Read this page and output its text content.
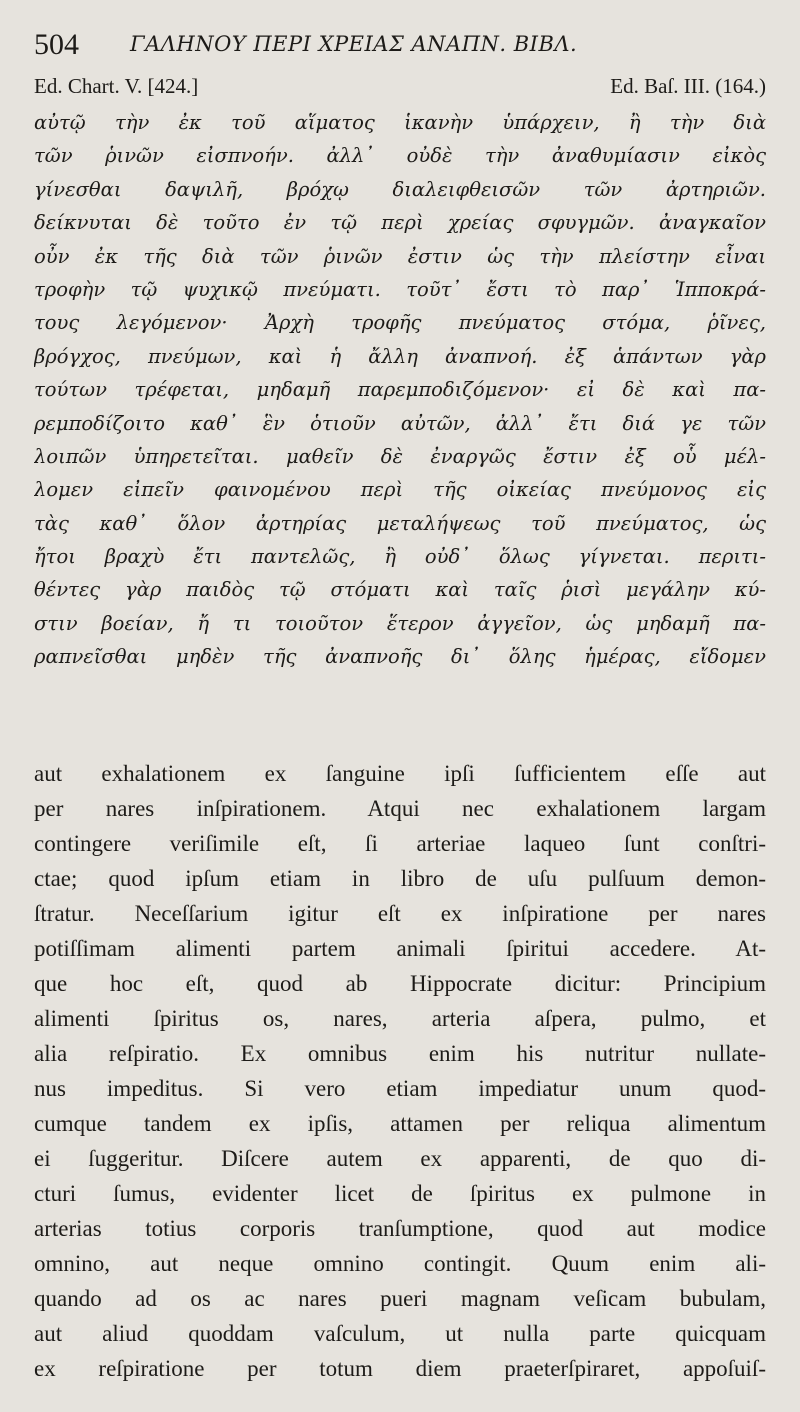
504 ΓΑΛΗΝΟΥ ΠΕΡΙ ΧΡΕΙΑΣ ΑΝΑΠΝ. ΒΙΒΛ.
Ed. Chart. V. [424.]	Ed. Baſ. III. (164.)
αὐτῷ τὴν ἐκ τοῦ αἵματος ἱκανὴν ὑπάρχειν, ἢ τὴν διὰ
τῶν ῥινῶν εἰσπνοήν. ἀλλ᾽ οὐδὲ τὴν ἀναθυμίασιν εἰκὸς
γίνεσθαι δαψιλῆ, βρόχῳ διαλειφθεισῶν τῶν ἀρτηριῶν.
δείκνυται δὲ τοῦτο ἐν τῷ περὶ χρείας σφυγμῶν. ἀναγκαῖον
οὖν ἐκ τῆς διὰ τῶν ῥινῶν ἐστιν ὡς τὴν πλείστην εἶναι
τροφὴν τῷ ψυχικῷ πνεύματι. τοῦτ᾽ ἔστι τὸ παρ᾽ Ἱπποκρά-
τους λεγόμενον· Ἀρχὴ τροφῆς πνεύματος στόμα, ῥῖνες,
βρόγχος, πνεύμων, καὶ ἡ ἄλλη ἀναπνοή. ἐξ ἁπάντων γὰρ
τούτων τρέφεται, μηδαμῆ παρεμποδιζόμενον· εἰ δὲ καὶ πα-
ρεμποδίζοιτο καθ᾽ ἓν ὁτιοῦν αὐτῶν, ἀλλ᾽ ἔτι διά γε τῶν
λοιπῶν ὑπηρετεῖται. μαθεῖν δὲ ἐναργῶς ἔστιν ἐξ οὗ μέλ-
λομεν εἰπεῖν φαινομένου περὶ τῆς οἰκείας πνεύμονος εἰς
τὰς καθ᾽ ὅλον ἀρτηρίας μεταλήψεως τοῦ πνεύματος, ὡς
ἤτοι βραχὺ ἔτι παντελῶς, ἢ οὐδ᾽ ὅλως γίγνεται. περιτι-
θέντες γὰρ παιδὸς τῷ στόματι καὶ ταῖς ῥισὶ μεγάλην κύ-
στιν βοείαν, ἤ τι τοιοῦτον ἕτερον ἀγγεῖον, ὡς μηδαμῆ πα-
ραπνεῖσθαι μηδὲν τῆς ἀναπνοῆς δι᾽ ὅλης ἡμέρας, εἴδομεν
aut exhalationem ex ſanguine ipſi ſufficientem eſſe aut
per nares inſpirationem. Atqui nec exhalationem largam
contingere veriſimile eſt, ſi arteriae laqueo ſunt conſtri-
ctae; quod ipſum etiam in libro de uſu pulſuum demon-
ſtratur. Neceſſarium igitur eſt ex inſpiratione per nares
potiſſimam alimenti partem animali ſpiritui accedere. At-
que hoc eſt, quod ab Hippocrate dicitur: Principium
alimenti ſpiritus os, nares, arteria aſpera, pulmo, et
alia reſpiratio. Ex omnibus enim his nutritur nullate-
nus impeditus. Si vero etiam impediatur unum quod-
cumque tandem ex ipſis, attamen per reliqua alimentum
ei ſuggeritur. Diſcere autem ex apparenti, de quo di-
cturi ſumus, evidenter licet de ſpiritus ex pulmone in
arterias totius corporis tranſumptione, quod aut modice
omnino, aut neque omnino contingit. Quum enim ali-
quando ad os ac nares pueri magnam veſicam bubulam,
aut aliud quoddam vaſculum, ut nulla parte quicquam
ex reſpiratione per totum diem praeterſpiraret, appoſuiſ-
